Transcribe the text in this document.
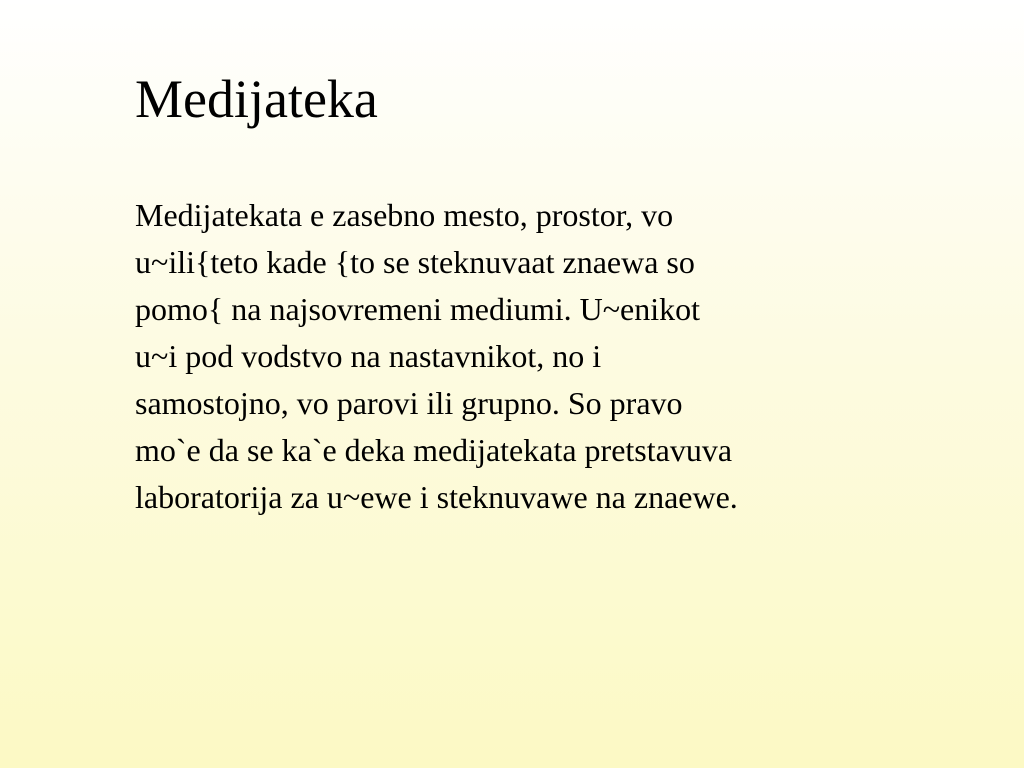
Medijateka
Medijatekata e zasebno mesto, prostor, vo
u~ili{teto kade {to se steknuvaat znaewa so
pomo{ na najsovremeni mediumi. U~enikot
u~i pod vodstvo na nastavnikot, no i
samostojno, vo parovi ili grupno. So pravo
mo`e da se ka`e deka medijatekata pretstavuva
laboratorija za u~ewe i steknuvawe na znaewe.
